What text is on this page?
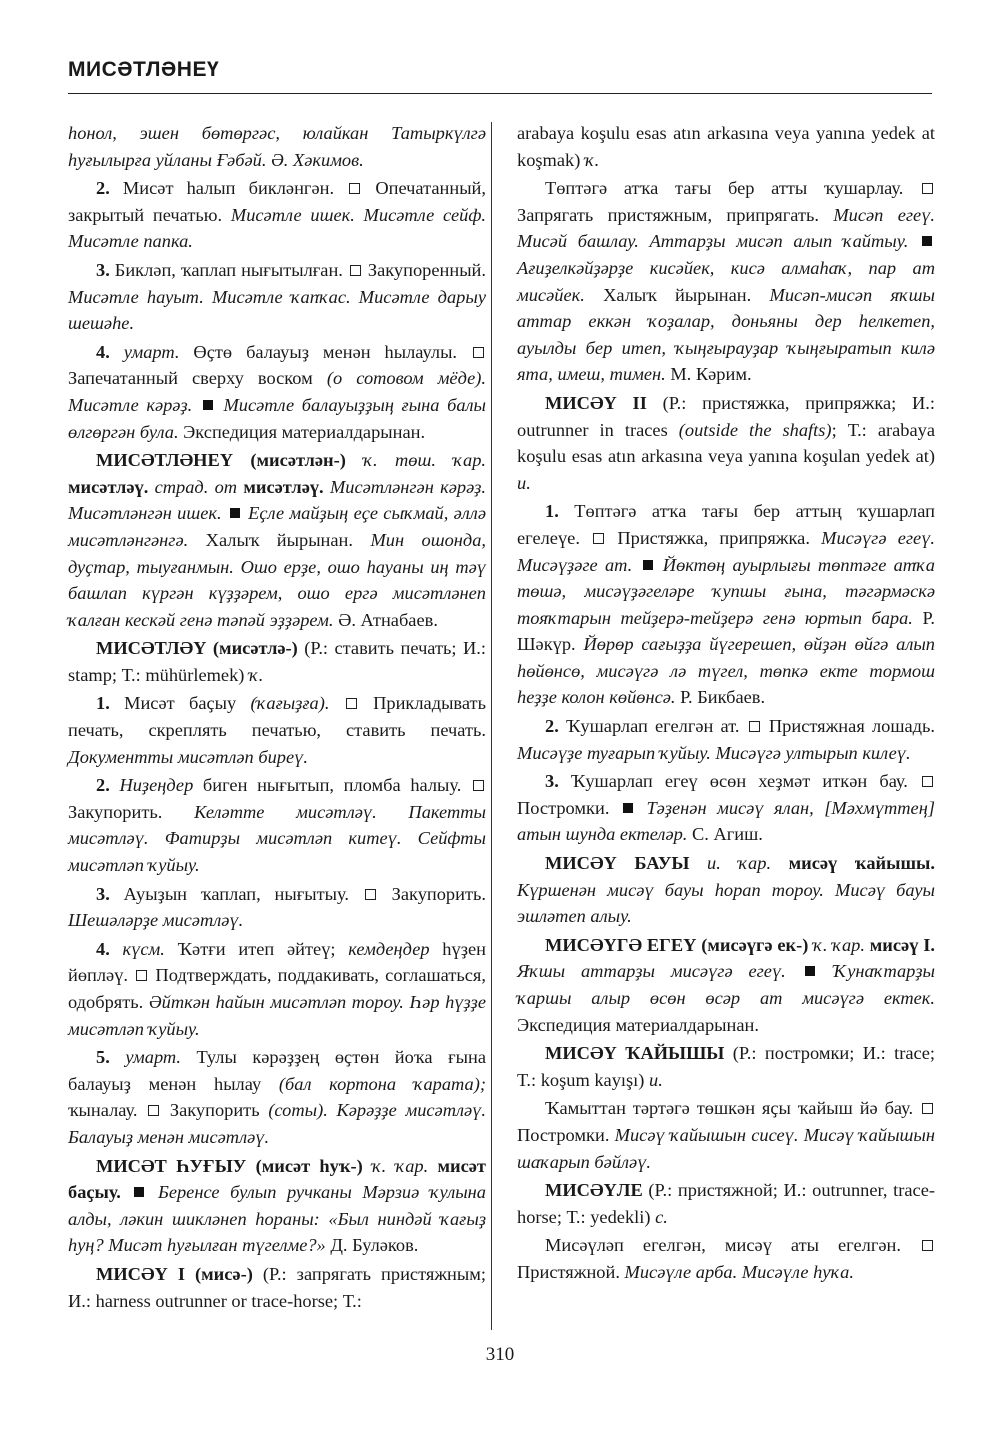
МИСӘТЛӘНЕҮ

һонол, эшен бөтөргәс, юлайкан Татыркүлгә һуғылырға уйланы Ғәбәй. Ә. Хәкимов.

2. Мисәт һалып бикләнгән.  Опечатанный, закрытый печатью. Мисәтле ишек. Мисәтле сейф. Мисәтле папка.

3. Бикләп, ҡаплап нығытылған.  Закупоренный. Мисәтле һауыт. Мисәтле ҡапҡас. Мисәтле дарыу шешәһе.

4. умарт. Өҫтө балауыҙ менән һылаулы.  Запечатанный сверху воском (о сотовом мёде). Мисәтле кәрәҙ. Мисәтле балауыҙҙың ғына балы өлгөргән була. Экспедиция материалдарынан.

МИСӘТЛӘНЕҮ (мисәтлән-) ҡ. төш. ҡар. мисәтләү. страд. от мисәтләү. Мисәтләнгән кәрәҙ. Мисәтләнгән ишек. Еҫле майҙың еҫе сыҡмай, әллә мисәтләнгәнгә. Халыҡ йырынан. Мин ошонда, дуҫтар, тыуғанмын. Ошо ерҙе, ошо һауаны иң тәү башлап күргән күҙҙәрем, ошо ергә мисәтләнеп ҡалған кескәй генә тәпәй эҙҙәрем. Ә. Атнабаев.

МИСӘТЛӘҮ (мисәтлә-) (Р.: ставить печать; И.: stamp; Т.: mühürlemek) ҡ.

1. Мисәт баҫыу (ҡағыҙға).  Прикладывать печать, скреплять печатью, ставить печать. Документты мисәтләп биреү.

2. Ниҙеңдер биген нығытып, пломба һалыу.  Закупорить. Келәтте мисәтләү. Пакетты мисәтләү. Фатирҙы мисәтләп китеү. Сейфты мисәтләп ҡуйыу.

3. Ауыҙын ҡаплап, нығытыу.  Закупорить. Шешәләрҙе мисәтләү.

4. күсм. Ҡәтғи итеп әйтеү; кемдеңдер һүҙен йөпләү.  Подтверждать, поддакивать, соглашаться, одобрять. Әйткән һайын мисәтләп тороу. Һәр һүҙҙе мисәтләп ҡуйыу.

5. умарт. Тулы кәрәҙҙең өҫтөн йоҡа ғына балауыҙ менән һылау (бал кортона ҡарата); ҡыналау.  Закупорить (соты). Кәрәҙҙе мисәтләү. Балауыҙ менән мисәтләү.

МИСӘТ ҺУҒЫУ (мисәт һуҡ-) ҡ. ҡар. мисәт баҫыу. Беренсе булып ручканы Мәрзиә ҡулына алды, ләкин шикләнеп һораны: «Был ниндәй ҡағыҙ һуң? Мисәт һуғылған түгелме?» Д. Буләков.

МИСӘҮ I (мисә-) (Р.: запрягать пристяжным; И.: harness outrunner or trace-horse; Т.:

arabaya koşulu esas atın arkasına veya yanına yedek at koşmak) ҡ.

Төптәгә атҡа тағы бер атты ҡушарлау.  Запрягать пристяжным, припрягать. Мисәп егеү. Мисәй башлау. Аттарҙы мисәп алып ҡайтыу.  Ағиҙелкәйҙәрҙе кисәйек, кисә алмаһаҡ, пар ат мисәйек. Халыҡ йырынан. Мисәп-мисәп яҡшы аттар еккән ҡоҙалар, доньяны дер һелкетеп, ауылды бер итеп, ҡыңғырауҙар ҡыңғыратып килә ята, имеш, тимен. М. Кәрим.

МИСӘҮ II (Р.: пристяжка, припряжка; И.: outrunner in traces (outside the shafts); Т.: arabaya koşulu esas atın arkasına veya yanına koşulan yedek at) и.

1. Төптәгә атҡа тағы бер аттың ҡушарлап егелеүе.  Пристяжка, припряжка. Мисәүгә егеү. Мисәүҙәге ат. Йөктөң ауырлығы төптәге атҡа төшә, мисәүҙәгеләре ҡупшы ғына, тәгәрмәскә тояҡтарын тейҙерә-тейҙерә генә юртып бара. Р. Шәкүр. Йөрөр сағыҙҙа йүгерешеп, өйҙән өйгә алып һөйөнсө, мисәүгә лә түгел, төпкә екте тормош һеҙҙе колон көйөнсә. Р. Бикбаев.

2. Ҡушарлап егелгән ат.  Пристяжная лошадь. Мисәүҙе туғарып ҡуйыу. Мисәүгә ултырып килеү.

3. Ҡушарлап егеү өсөн хеҙмәт иткән бау.  Постромки.  Тәҙенән мисәү ялан, [Мәхмүттең] атын шунда ектеләр. С. Агиш.

МИСӘҮ БАУЫ и. ҡар. мисәү ҡайышы. Күршенән мисәү бауы һорап тороу. Мисәү бауы эшләтеп алыу.

МИСӘҮГӘ ЕГЕҮ (мисәүгә ек-) ҡ. ҡар. мисәү I. Яҡшы аттарҙы мисәүгә егеү.	Ҡунаҡтарҙы ҡаршы алыр өсөн өсәр ат мисәүгә ектек. Экспедиция материалдарынан.

МИСӘҮ ҠАЙЫШЫ (Р.: постромки; И.: trace; Т.: koşum kayışı) и.

Ҡамыттан тәртәгә төшкән яҫы ҡайыш йә бау.  Постромки. Мисәү ҡайышын сисеү. Мисәү ҡайышын шаҡарып бәйләү.

МИСӘҮЛЕ (Р.: пристяжной; И.: outrunner, trace-horse; Т.: yedekli) с.

Мисәүләп егелгән, мисәү аты егелгән.  Пристяжной. Мисәүле арба. Мисәүле һуҡа.

310
